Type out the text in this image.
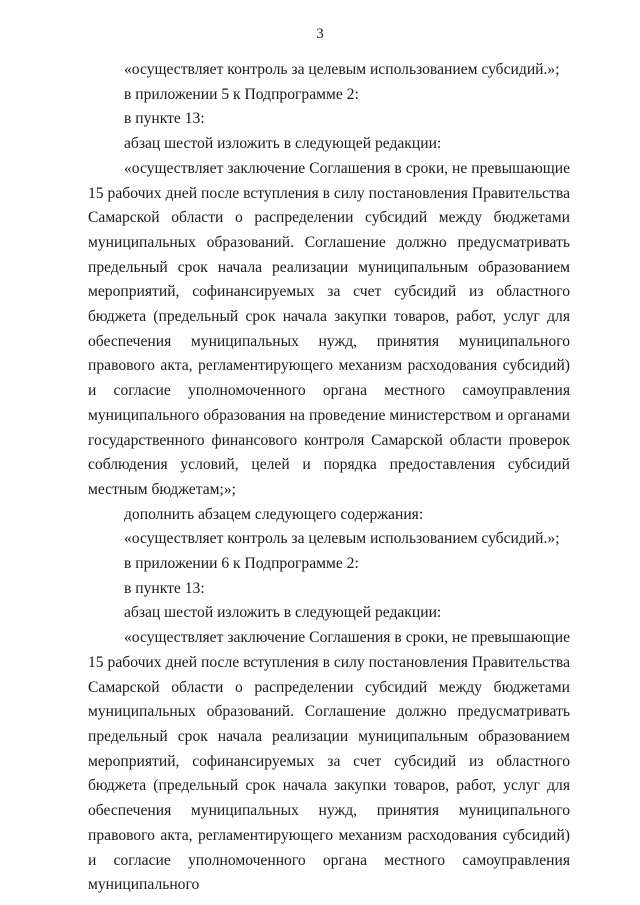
3

«осуществляет контроль за целевым использованием субсидий.»;

в приложении 5 к Подпрограмме 2:

в пункте 13:

абзац шестой изложить в следующей редакции:

«осуществляет заключение Соглашения в сроки, не превышающие 15 рабочих дней после вступления в силу постановления Правительства Самарской области о распределении субсидий между бюджетами муниципальных образований. Соглашение должно предусматривать предельный срок начала реализации муниципальным образованием мероприятий, софинансируемых за счет субсидий из областного бюджета (предельный срок начала закупки товаров, работ, услуг для обеспечения муниципальных нужд, принятия муниципального правового акта, регламентирующего механизм расходования субсидий) и согласие уполномоченного органа местного самоуправления муниципального образования на проведение министерством и органами государственного финансового контроля Самарской области проверок соблюдения условий, целей и порядка предоставления субсидий местным бюджетам;»;

дополнить абзацем следующего содержания:

«осуществляет контроль за целевым использованием субсидий.»;

в приложении 6 к Подпрограмме 2:

в пункте 13:

абзац шестой изложить в следующей редакции:

«осуществляет заключение Соглашения в сроки, не превышающие 15 рабочих дней после вступления в силу постановления Правительства Самарской области о распределении субсидий между бюджетами муниципальных образований. Соглашение должно предусматривать предельный срок начала реализации муниципальным образованием мероприятий, софинансируемых за счет субсидий из областного бюджета (предельный срок начала закупки товаров, работ, услуг для обеспечения муниципальных нужд, принятия муниципального правового акта, регламентирующего механизм расходования субсидий) и согласие уполномоченного органа местного самоуправления муниципального
